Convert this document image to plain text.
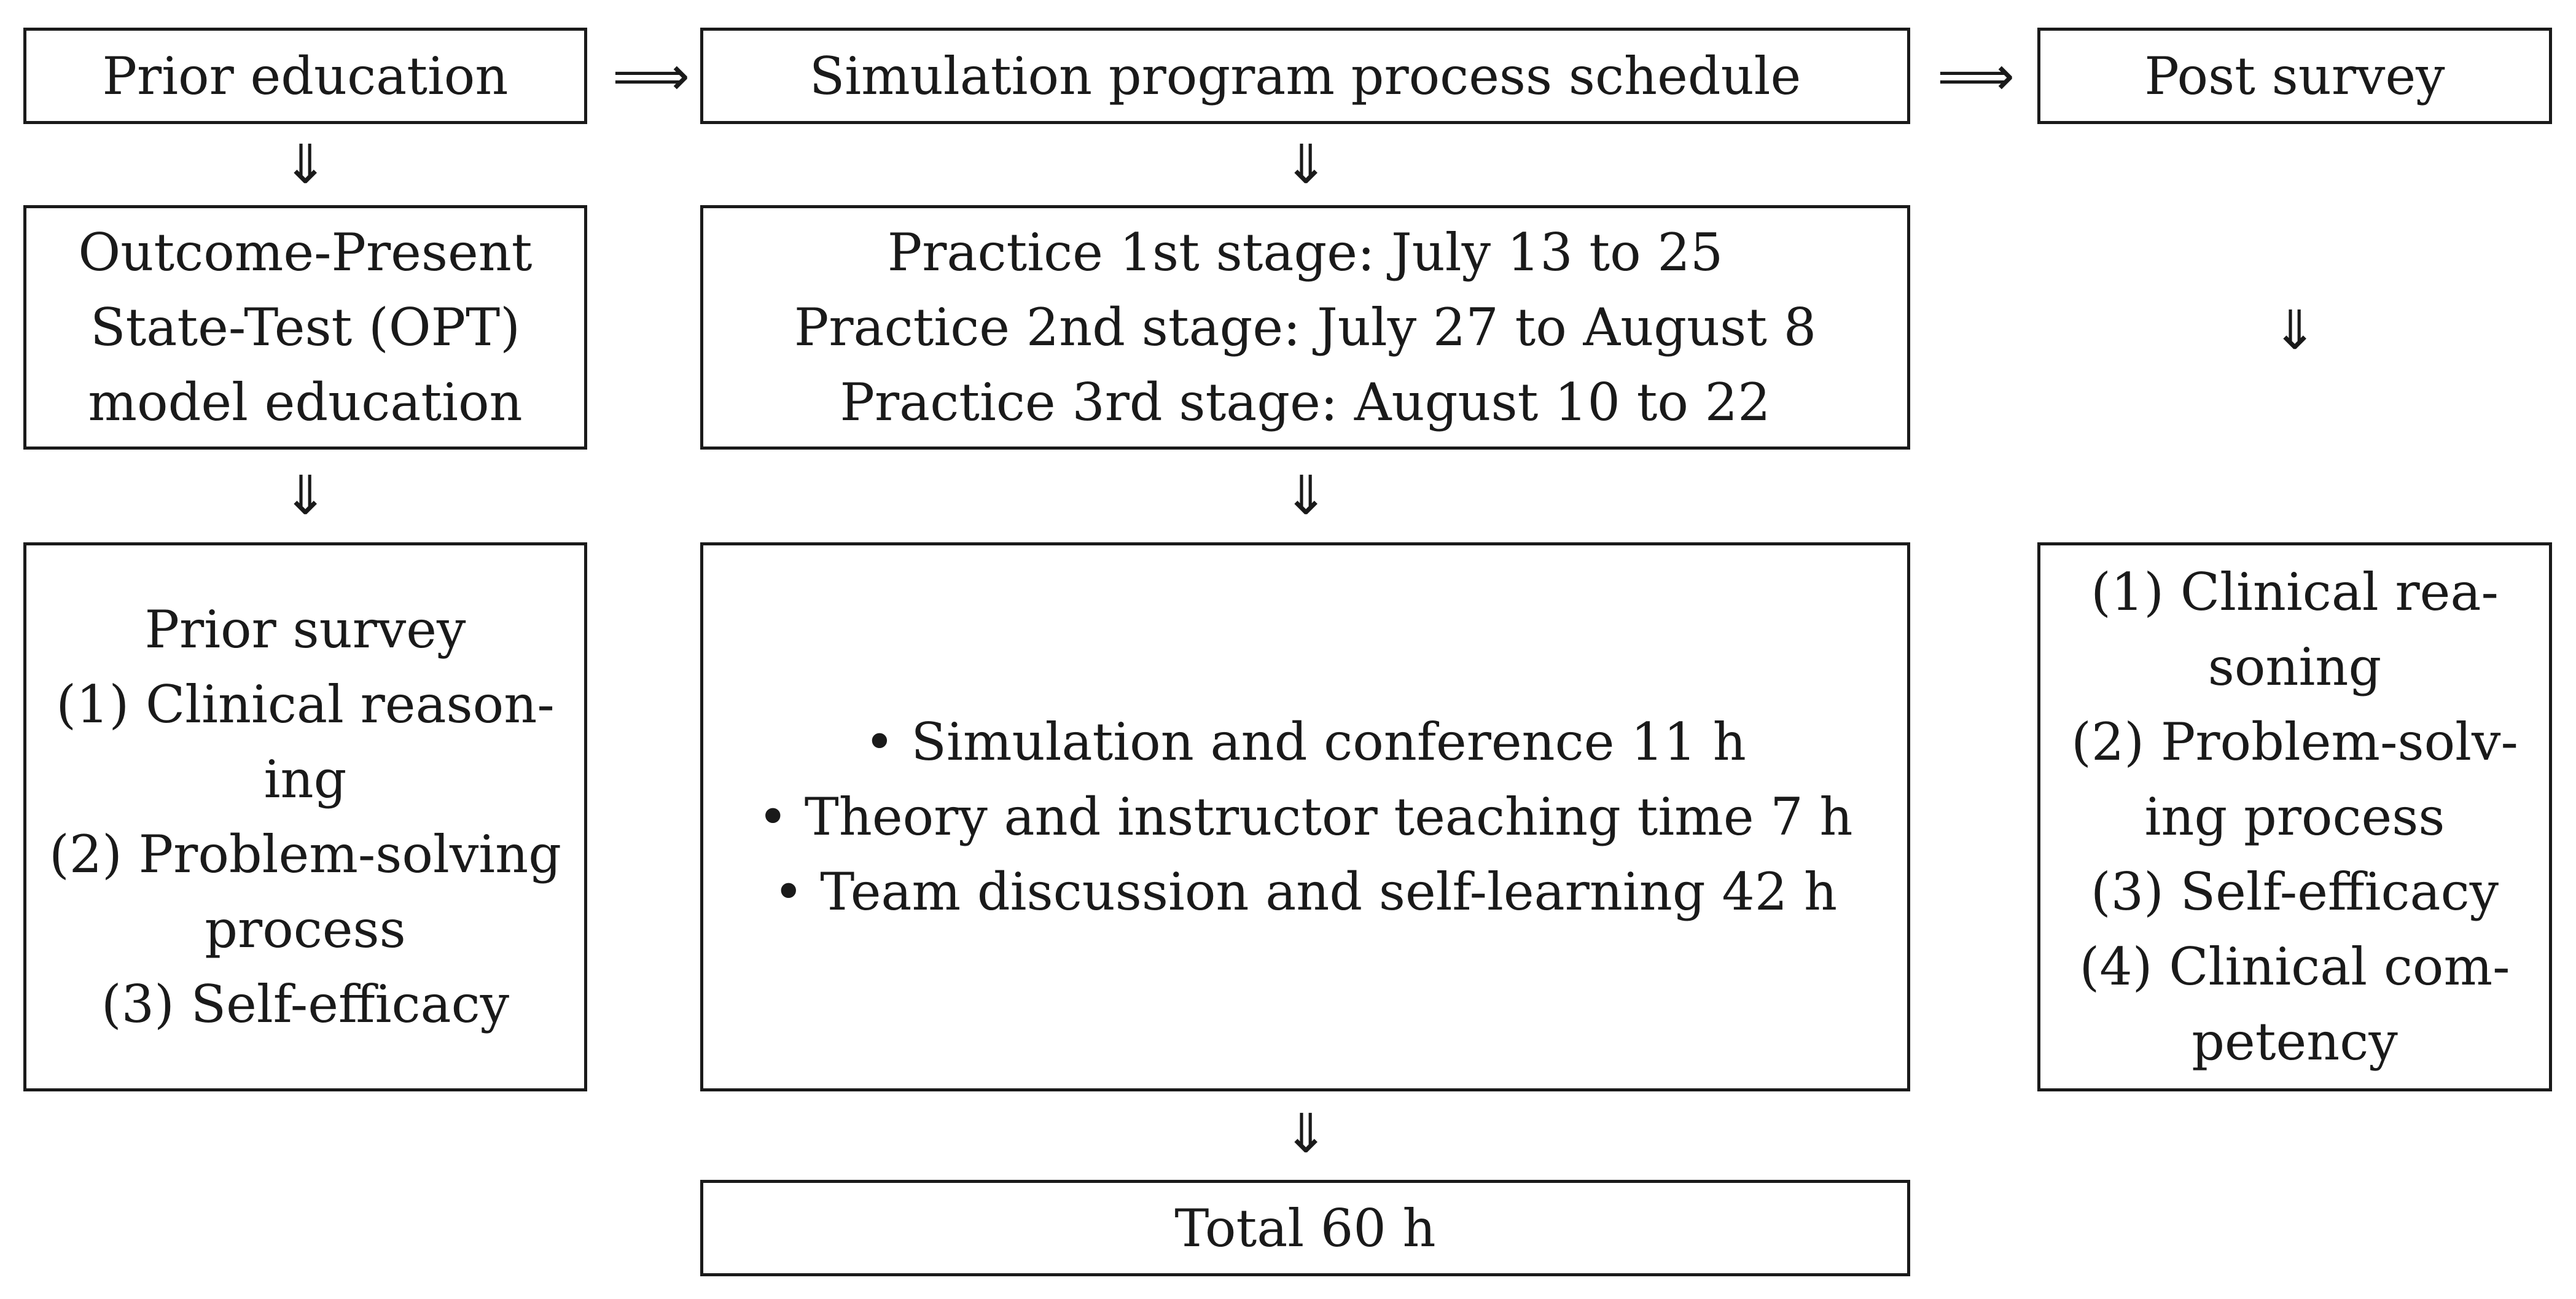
Prior education
⇓
Outcome-Present
State-Test (OPT)
model education
⇓
Prior survey
(1) Clinical reason-
ing
(2) Problem-solving
process
(3) Self-efficacy
⟹	⟹
Simulation program process schedule
⇓
Practice 1st stage: July 13 to 25
Practice 2nd stage: July 27 to August 8
Practice 3rd stage: August 10 to 22
⇓
• Simulation and conference 11 h
• Theory and instructor teaching time 7 h
• Team discussion and self-learning 42 h
⇓
Total 60 h
Post survey
⇓
(1) Clinical rea-
soning
(2) Problem-solv-
ing process
(3) Self-efficacy
(4) Clinical com-
petency
